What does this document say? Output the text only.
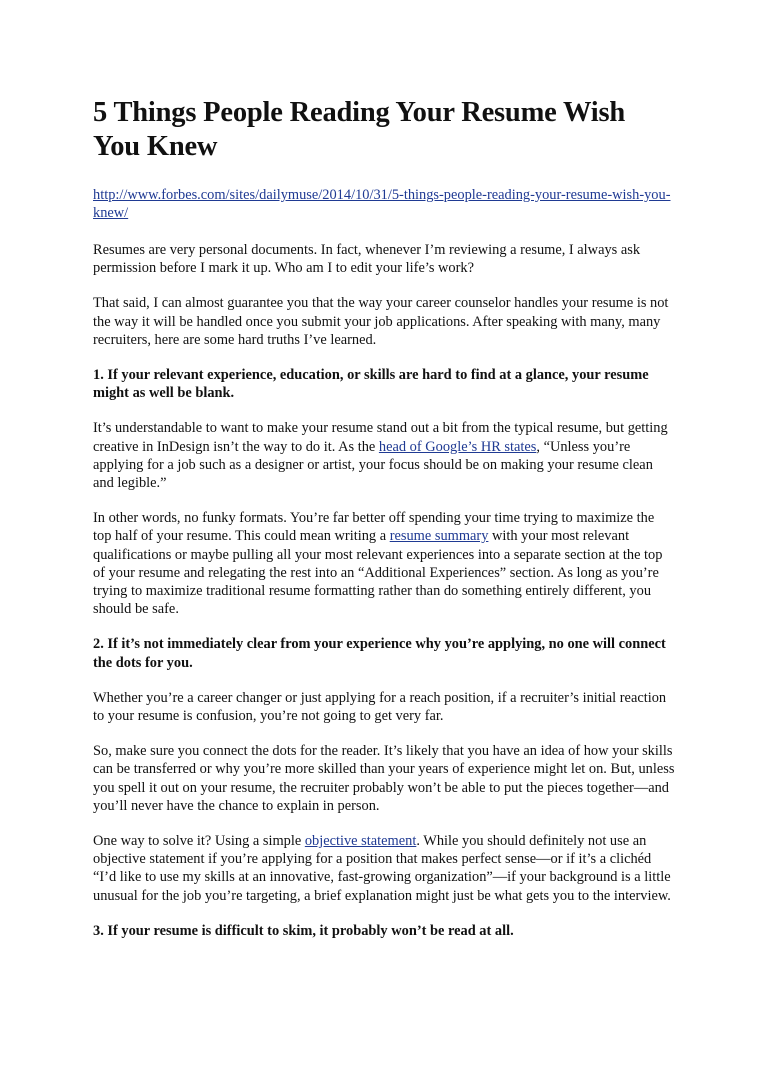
5 Things People Reading Your Resume Wish You Knew
http://www.forbes.com/sites/dailymuse/2014/10/31/5-things-people-reading-your-resume-wish-you-knew/

Resumes are very personal documents. In fact, whenever I’m reviewing a resume, I always ask permission before I mark it up. Who am I to edit your life’s work?

That said, I can almost guarantee you that the way your career counselor handles your resume is not the way it will be handled once you submit your job applications. After speaking with many, many recruiters, here are some hard truths I’ve learned.

1. If your relevant experience, education, or skills are hard to find at a glance, your resume might as well be blank.

It’s understandable to want to make your resume stand out a bit from the typical resume, but getting creative in InDesign isn’t the way to do it. As the head of Google’s HR states, “Unless you’re applying for a job such as a designer or artist, your focus should be on making your resume clean and legible.”

In other words, no funky formats. You’re far better off spending your time trying to maximize the top half of your resume. This could mean writing a resume summary with your most relevant qualifications or maybe pulling all your most relevant experiences into a separate section at the top of your resume and relegating the rest into an “Additional Experiences” section. As long as you’re trying to maximize traditional resume formatting rather than do something entirely different, you should be safe.

2. If it’s not immediately clear from your experience why you’re applying, no one will connect the dots for you.

Whether you’re a career changer or just applying for a reach position, if a recruiter’s initial reaction to your resume is confusion, you’re not going to get very far.

So, make sure you connect the dots for the reader. It’s likely that you have an idea of how your skills can be transferred or why you’re more skilled than your years of experience might let on. But, unless you spell it out on your resume, the recruiter probably won’t be able to put the pieces together—and you’ll never have the chance to explain in person.

One way to solve it? Using a simple objective statement. While you should definitely not use an objective statement if you’re applying for a position that makes perfect sense—or if it’s a clichéd “I’d like to use my skills at an innovative, fast-growing organization”—if your background is a little unusual for the job you’re targeting, a brief explanation might just be what gets you to the interview.

3. If your resume is difficult to skim, it probably won’t be read at all.
